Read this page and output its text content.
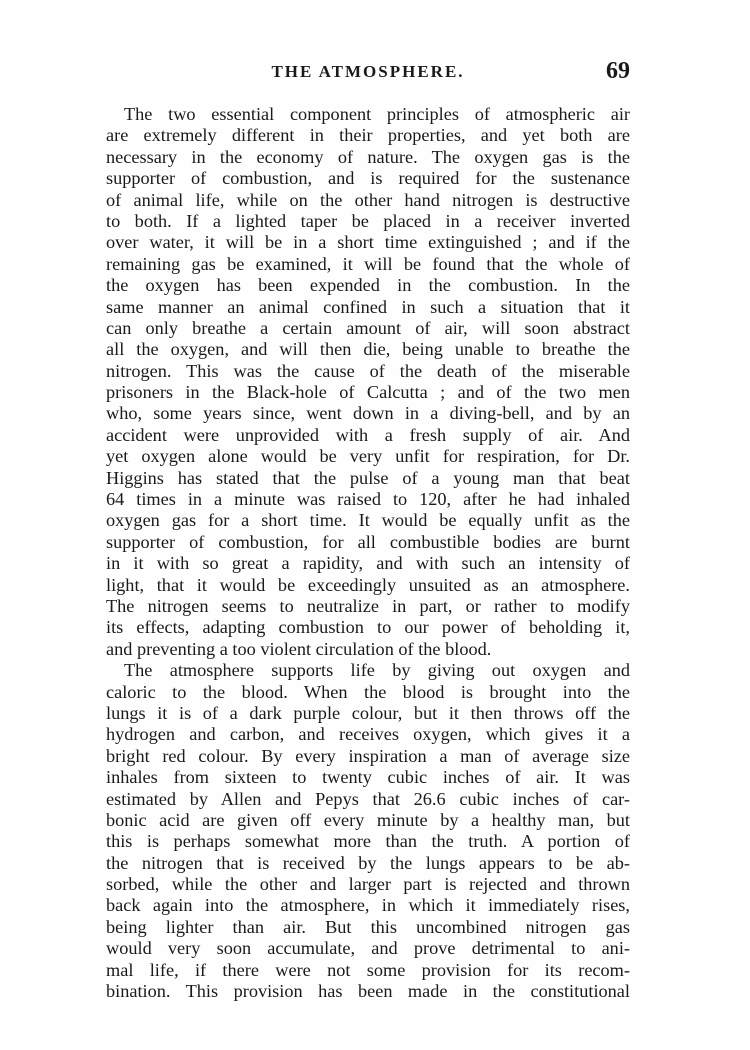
THE ATMOSPHERE.	69
The two essential component principles of atmospheric air
are extremely different in their properties, and yet both are
necessary in the economy of nature. The oxygen gas is the
supporter of combustion, and is required for the sustenance
of animal life, while on the other hand nitrogen is destructive
to both. If a lighted taper be placed in a receiver inverted
over water, it will be in a short time extinguished ; and if the
remaining gas be examined, it will be found that the whole of
the oxygen has been expended in the combustion. In the
same manner an animal confined in such a situation that it
can only breathe a certain amount of air, will soon abstract
all the oxygen, and will then die, being unable to breathe the
nitrogen. This was the cause of the death of the miserable
prisoners in the Black-hole of Calcutta ; and of the two men
who, some years since, went down in a diving-bell, and by an
accident were unprovided with a fresh supply of air. And
yet oxygen alone would be very unfit for respiration, for Dr.
Higgins has stated that the pulse of a young man that beat
64 times in a minute was raised to 120, after he had inhaled
oxygen gas for a short time. It would be equally unfit as the
supporter of combustion, for all combustible bodies are burnt
in it with so great a rapidity, and with such an intensity of
light, that it would be exceedingly unsuited as an atmosphere.
The nitrogen seems to neutralize in part, or rather to modify
its effects, adapting combustion to our power of beholding it,
and preventing a too violent circulation of the blood.
The atmosphere supports life by giving out oxygen and
caloric to the blood. When the blood is brought into the
lungs it is of a dark purple colour, but it then throws off the
hydrogen and carbon, and receives oxygen, which gives it a
bright red colour. By every inspiration a man of average size
inhales from sixteen to twenty cubic inches of air. It was
estimated by Allen and Pepys that 26.6 cubic inches of car-
bonic acid are given off every minute by a healthy man, but
this is perhaps somewhat more than the truth. A portion of
the nitrogen that is received by the lungs appears to be ab-
sorbed, while the other and larger part is rejected and thrown
back again into the atmosphere, in which it immediately rises,
being lighter than air. But this uncombined nitrogen gas
would very soon accumulate, and prove detrimental to ani-
mal life, if there were not some provision for its recom-
bination. This provision has been made in the constitutional
